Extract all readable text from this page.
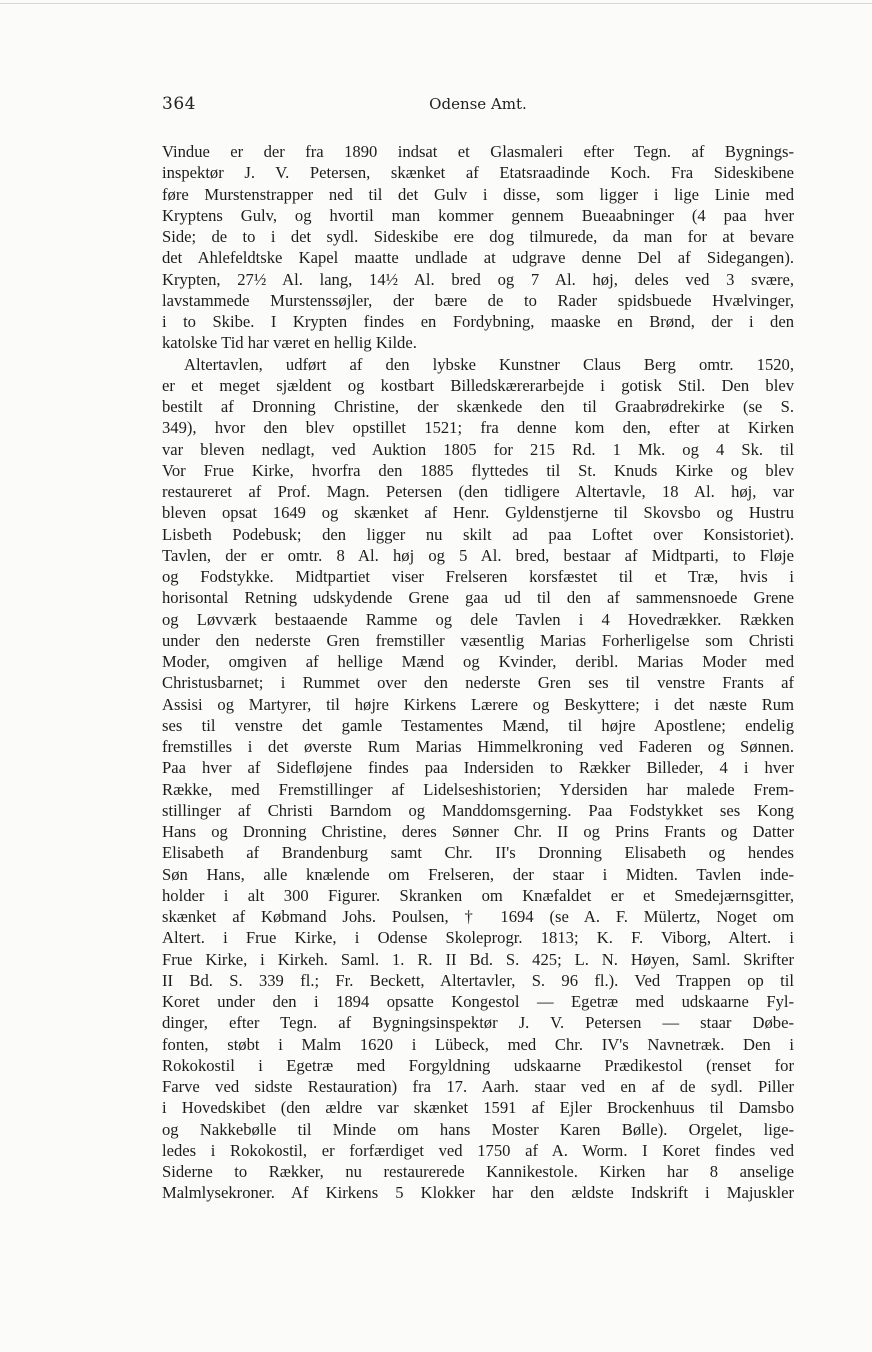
364	Odense Amt.
Vindue er der fra 1890 indsat et Glasmaleri efter Tegn. af Bygnings-
inspektør J. V. Petersen, skænket af Etatsraadinde Koch. Fra Sideskibene
føre Murstenstrapper ned til det Gulv i disse, som ligger i lige Linie med
Kryptens Gulv, og hvortil man kommer gennem Bueaabninger (4 paa hver
Side; de to i det sydl. Sideskibe ere dog tilmurede, da man for at bevare
det Ahlefeldtske Kapel maatte undlade at udgrave denne Del af Sidegangen).
Krypten, 27½ Al. lang, 14½ Al. bred og 7 Al. høj, deles ved 3 svære,
lavstammede Murstenssøjler, der bære de to Rader spidsbuede Hvælvinger,
i to Skibe. I Krypten findes en Fordybning, maaske en Brønd, der i den
katolske Tid har været en hellig Kilde.
Altertavlen, udført af den lybske Kunstner Claus Berg omtr. 1520,
er et meget sjældent og kostbart Billedskærerarbejde i gotisk Stil. Den blev
bestilt af Dronning Christine, der skænkede den til Graabrødrekirke (se S.
349), hvor den blev opstillet 1521; fra denne kom den, efter at Kirken
var bleven nedlagt, ved Auktion 1805 for 215 Rd. 1 Mk. og 4 Sk. til
Vor Frue Kirke, hvorfra den 1885 flyttedes til St. Knuds Kirke og blev
restaureret af Prof. Magn. Petersen (den tidligere Altertavle, 18 Al. høj, var
bleven opsat 1649 og skænket af Henr. Gyldenstjerne til Skovsbo og Hustru
Lisbeth Podebusk; den ligger nu skilt ad paa Loftet over Konsistoriet).
Tavlen, der er omtr. 8 Al. høj og 5 Al. bred, bestaar af Midtparti, to Fløje
og Fodstykke. Midtpartiet viser Frelseren korsfæstet til et Træ, hvis i
horisontal Retning udskydende Grene gaa ud til den af sammensnoede Grene
og Løvværk bestaaende Ramme og dele Tavlen i 4 Hovedrækker. Rækken
under den nederste Gren fremstiller væsentlig Marias Forherligelse som Christi
Moder, omgiven af hellige Mænd og Kvinder, deribl. Marias Moder med
Christusbarnet; i Rummet over den nederste Gren ses til venstre Frants af
Assisi og Martyrer, til højre Kirkens Lærere og Beskyttere; i det næste Rum
ses til venstre det gamle Testamentes Mænd, til højre Apostlene; endelig
fremstilles i det øverste Rum Marias Himmelkroning ved Faderen og Sønnen.
Paa hver af Sidefløjene findes paa Indersiden to Rækker Billeder, 4 i hver
Række, med Fremstillinger af Lidelseshistorien; Ydersiden har malede Frem-
stillinger af Christi Barndom og Manddomsgerning. Paa Fodstykket ses Kong
Hans og Dronning Christine, deres Sønner Chr. II og Prins Frants og Datter
Elisabeth af Brandenburg samt Chr. II's Dronning Elisabeth og hendes
Søn Hans, alle knælende om Frelseren, der staar i Midten. Tavlen inde-
holder i alt 300 Figurer. Skranken om Knæfaldet er et Smedejærnsgitter,
skænket af Købmand Johs. Poulsen, † 1694 (se A. F. Mülertz, Noget om
Altert. i Frue Kirke, i Odense Skoleprogr. 1813; K. F. Viborg, Altert. i
Frue Kirke, i Kirkeh. Saml. 1. R. II Bd. S. 425; L. N. Høyen, Saml. Skrifter
II Bd. S. 339 fl.; Fr. Beckett, Altertavler, S. 96 fl.). Ved Trappen op til
Koret under den i 1894 opsatte Kongestol — Egetræ med udskaarne Fyl-
dinger, efter Tegn. af Bygningsinspektør J. V. Petersen — staar Døbe-
fonten, støbt i Malm 1620 i Lübeck, med Chr. IV's Navnetræk. Den i
Rokokostil i Egetræ med Forgyldning udskaarne Prædikestol (renset for
Farve ved sidste Restauration) fra 17. Aarh. staar ved en af de sydl. Piller
i Hovedskibet (den ældre var skænket 1591 af Ejler Brockenhuus til Damsbo
og Nakkebølle til Minde om hans Moster Karen Bølle). Orgelet, lige-
ledes i Rokokostil, er forfærdiget ved 1750 af A. Worm. I Koret findes ved
Siderne to Rækker, nu restaurerede Kannikestole. Kirken har 8 anselige
Malmlysekroner. Af Kirkens 5 Klokker har den ældste Indskrift i Majuskler
